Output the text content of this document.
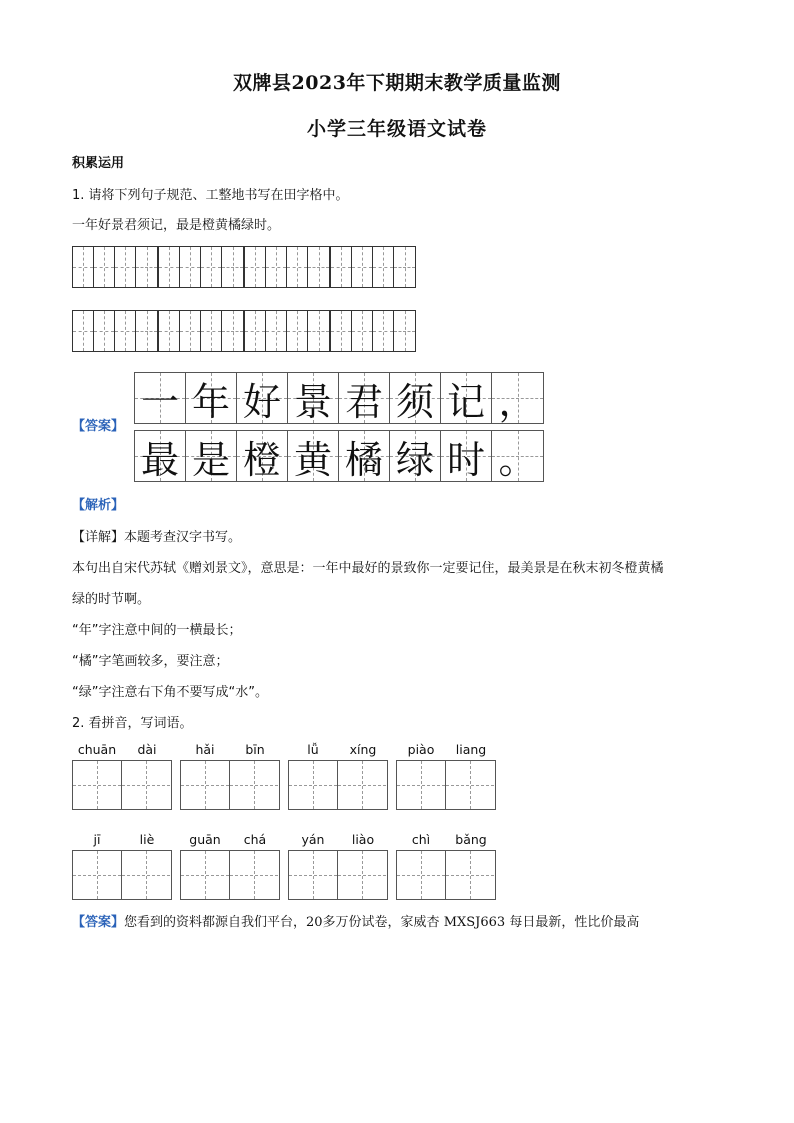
双牌县2023年下期期末教学质量监测
小学三年级语文试卷
积累运用
1. 请将下列句子规范、工整地书写在田字格中。
一年好景君须记，最是橙黄橘绿时。
【答案】
一 年 好 景 君 须 记 ，
最 是 橙 黄 橘 绿 时 。
【解析】
【详解】本题考查汉字书写。
本句出自宋代苏轼《赠刘景文》，意思是：一年中最好的景致你一定要记住，最美景是在秋末初冬橙黄橘
绿的时节啊。
“年”字注意中间的一横最长；
“橘”字笔画较多，要注意；
“绿”字注意右下角不要写成“水”。
2. 看拼音，写词语。
chuān	dài	hǎi	bīn	lǚ	xíng	piào	liang
jī	liè	guān	chá	yán	liào	chì	bǎng
【答案】您看到的资料都源自我们平台，20多万份试卷，家威杏 MXSJ663 每日最新，性比价最高
